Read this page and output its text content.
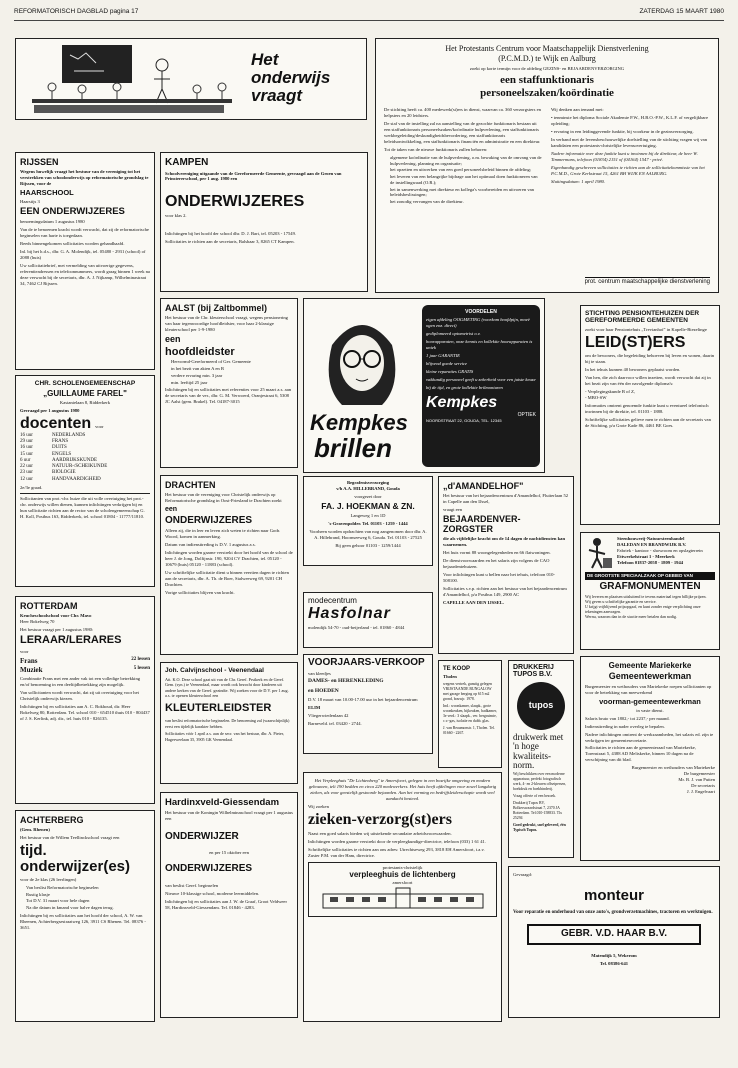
REFORMATORISCH DAGBLAD pagina 17	ZATERDAG 15 MAART 1980
Het onderwijs vraagt
Het Protestants Centrum voor Maatschappelijk Dienstverlening
(P.C.M.D.) te Wijk en Aalburg
zoekt op korte termijn voor de afdeling GEZINS- en BEJAARDENVERZORGING
een staffunktionaris
personeelszaken/koördinatie

De stichting heeft ca. 400 medewerk(st)ers in dienst, waarvan ca. 360 verzorgsters en helpsters en 20 leidsters.

De staf van de instelling zal na aanstelling van de gezochte funktionaris bestaan uit een staffunktionaris personeelszaken/koördinatie hulpverlening, een staffunktionaris werkbegeleiding/deskundigheidsbevordering, een staffunktionaris beleidsontwikkeling, een staffunktionaris financiën en administratie en een direkteur.

Tot de taken van de nieuwe funktionaris zullen behoren:

algemene koördinatie van de hulpverlening, o.m. bewaking van de omvang van de hulpverlening, planning en organisatie;

het opzetten en uitwerken van een goed personeelsbeleid binnen de afdeling;

het leveren van een belangrijke bijdrage aan het optimaal doen funktioneren van de instellingsraad (O.R.);

het in samenwerking met direkteur en kollega's voorbereiden en uitvoeren van beleidsbeslissingen;

het zonodig vervangen van de direkteur.

Wij denken aan iemand met:

• tenminste het diploma Sociale Akademie P.W., H.B.O.-P.W., K.L.F. of vergelijkbare opleiding;

• ervaring in een leidinggevende funktie, bij voorkeur in de gezinsverzorging.

In verband met de levensbeschouwelijke doelstelling van de stichting vragen wij van kandidaten een protestants-christelijke levensovertuiging.

Nadere informatie over deze funktie kunt u inwinnen bij de direkteur, de heer W. Timmermans, telefoon (01834) 2151 of (04164) 1547 - privé.

Eigenhandig geschreven sollicitaties te richten aan de sollicitatiekommissie van het P.C.M.D., Grote Kerkstraat 15, 4261 BH WIJK EN AALBURG.

Sluitingsdatum: 1 april 1980.

prot. centrum maatschappelijke dienstverlening
RIJSSEN

Wegens huwelijk vraagt het bestuur van de vereniging tot het verstrekken van schoolonderwijs op reformatorische grondslag te Rijssen, voor de

HAARSCHOOL
Haarstijs 3
EEN ONDERWIJZERES

benoemingsdatum 1 augustus 1980

Van de te benoemen kracht wordt verwacht, dat zij de reformatorische beginselen van harte is toegedaan.

Beeds binnengekomen sollicitaties worden gehandhaafd.

Inl. bij het h.d.s., dhr. G. A. Molendijk, tel. 05480 - 2931 (school) of 2088 (huis)

Uw sollicitatiebrief, met vermelding van uitvoerige gegevens, referentieadressen en telefoonnummers, wordt graag binnen 1 week na deze verwacht bij de secretaris, dhr. A. J. Nijkamp, Wilhelminastraat 34, 7462 CJ Rijssen.

KAMPEN

Schoolvereniging uitgaande van de Gereformeerde Gemeente, gevraagd aan de Groen van Prinstererschool, per 1 aug. 1980 een

ONDERWIJZERES
voor klas 2.

Inlichtingen bij het hoofd der school dhr. D. J. Bart, tel. 05203 - 17549.

Sollicitaties te richten aan de secretaris, Balsbaar 3, 8265 CT Kampen.

CHR. SCHOLENGEMEENSCHAP
„GUILLAUME FAREL"
Kastanielaan 8, Ridderkerk
Gevraagd per 1 augustus 1980
docenten voor
16 uur	NEDERLANDS
29 uur	FRANS
16 uur	DUITS
15 uur	ENGELS
6 uur	AARDRIJKSKUNDE
22 uur	NATUUR-/SCHEIKUNDE
23 uur	BIOLOGIE
12 uur	HANDVAARDIGHEID
2e/3e graad.

Sollicitanten van prot.-chr. huize die uit volle overtuiging het prot.-chr. onderwijs willen dienen, kunnen inlichtingen verkrijgen bij en hun sollicitatie richten aan de rector van de scholengemeenschap G. H. Koll, Postbus 163, Ridderkerk, tel. school 01804 - 11777/11810.

AALST (bij Zaltbommel)

Het bestuur van de Chr. kleuterschool vraagt, wegens pensionering van haar tegenwoordige hoofdleidster, voor haar 2-klassige kleuterschool per 1-9-1980

een
hoofdleidster

Hervormd-Gereformeerd of Ger. Gemeente

in het bezit van akten A en B

verdere ervaring min. 3 jaar

min. leeftijd 25 jaar

Inlichtingen bij en sollicitaties met referenties voor 25 maart a.s. aan de secretaris van de ver., dhr. G. M. Verwoerd, Oranjestraat 6, 5308 JC Aalst (gem. Brakel). Tel. 04187-3015

DRACHTEN

Het bestuur van de vereniging voor Christelijk onderwijs op Reformatorische grondslag in Oost-Friesland te Drachten zoekt

een
ONDERWIJZERES

Alleen zij, die in leer en leven zich weten te richten naar Gods Woord, komen in aanmerking.

Datum van indiensttreding is D.V. 1 augustus a.s.

Inlichtingen worden gaarne verstrekt door het hoofd van de school de heer J. de Jong, Dolfijnstr. 190, 9204 CV Drachten, tel. 05120 - 10679 (huis) 05120 - 11883 (school).

Uw schriftelijke sollicitatie dient u binnen veertien dagen te richten aan de secretaris, dhr. A. Th. de Boer, Stalweeweg 69, 9201 CH Drachten.

Vorige sollicitaties blijven van kracht.

Kempkes
brillen
VOORDELEN
eigen afdeling OOGMETING (voorkom hoofdpijn, moeë ogen enz. direct)
gediplomeerd optometrist o.v.
hoorapparaten, onze kennis en kollektie hoorapparaten is uniek
1 jaar GARANTIE
blijvend goede service
kleine reparaties GRATIS
vakkundig personeel geeft u zekerheid voor een juiste keuze
bij de tijd, en grote kollektie brilmonturen
Kempkes
OPTIEK
NOORDSTRAAT 22, GOUDA, TEL. 12345
Begrafenisverzorging
v/h A.A. HILLEBRAND, Gouda
voorgezet door
FA. J. HOEKMAN & ZN.
Langeweg 1 en 1D
's-Gravenpolder. Tel. 01103 - 1259 - 1444
Voorheen worden opdrachten van nog aangenomen door dhr. A. A. Hillebrand, Hoornseeweg 6, Gouda. Tel. 01103 - 27525
Bij geen gehoor 01103 - 1259/1444
„d'AMANDELHOF"

Het bestuur van het bejaardencentrum d'Amandelhof, Fluiterlaan 52 in Capelle aan den IJssel,

vraagt een

BEJAARDENVER-ZORGSTER

die als vijfdelijke kracht om de 14 dagen de nachtdiensten kan waarnemen.

Het huis vormt 88 woongelegenheden en 66 flatwoningen.

De dienstvoorwaarden en het salaris zijn volgens de CAO bejaardentehuizen.

Voor inlichtingen kunt u bellen naar het tehuis, telefoon 010-508100.

Sollicitaties s.v.p. richten aan het bestuur van het bejaardencentrum d'Amandelhof, p/a Postbus 149, 2900 AC

CAPELLE AAN DEN IJSSEL.

modecentrum
Hasfolnar
molendijk 54-70 - oud-beijerland - tel. 01860 - 4844
VOORJAARS-VERKOOP
van kleedjes
DAMES- en HERENKLEDING
en HOEDEN
D.V. 18 maart van 10.00-17.00 uur in het bejaardencentrum
ELIM
Vliegerwiedenlaan 42
Barneveld. tel. 03420 - 2744.
STICHTING PENSIONTEHUIZEN DER GEREFORMEERDE GEMEENTEN

zoekt voor haar Pensiontehuis „Trevianhof" in Kapelle-Biezelinge

LEID(ST)ERS

om de bewoners, die begeleiding behoeven bij leven en wonen, daarin bij te staan.

In het tehuis kunnen 40 bewoners geplaatst worden.

Van hen, die zich daarvoor willen inzetten, wordt verwacht dat zij in het bezit zijn van één der navolgende diploma's:

- Verplegingskunde B of Z,

- MBO-SW

Informaties omtrent genoemde funktie kunt u eventueel telefonisch inwinnen bij de direktie, tel. 01103 - 1888.

Schriftelijke sollicitaties gelieve men te richten aan de secretaris van de Stichting, p/a Grote Kade 86, 4461 BE Goes.

Steenhouwerij-Natuursteenhandel
DALEDAN EN BRANDWIJK B.V.
Fabriek - kantoor - showroom en opslagterrein
Ettwerkelstraat 1 - Meerkerk
Telefoon 01837-2058 - 1809 - 1944
DE GROOTSTE SPECIAALZAAK OP GEBIED VAN
GRAFMONUMENTEN

Wij leveren en plaatsen uitsluitend te tevens materiaal tegen billijke prijzen.

Wij geven u schriftelijke garantie en service.

U krijgt vrijblijvend prijsopgaaf, en kunt zonder enige verplichting onze tekeningen aanvragen.

Wernu, waarom dan in de stuctie meer betalen dan nodig.

ROTTERDAM
Keucheschoolschool voor Chr. Mavo
Heer Bokelweg 70

Het bestuur vraagt per 1 augustus 1980:

LERAAR/LERARES
voor
Frans	22 lessen
Muziek	5 lessen

Combinatie Frans met een ander vak tot een volledige betrekking en/of benoeming in een deeltijdbetrekking zijn mogelijk.

Van sollicitanten wordt verwacht, dat zij uit overtuiging voor het Christelijk onderwijs kiezen.

Inlichtingen bij en sollicitaties aan A. C. Bokhoud, dir. Heer Bokelweg 80, Rotterdam. Tel. school 010 - 654510 thuis 010 - 804437 of J. S. Kerlink, adj. dir., tel. huis 010 - 826135.

Joh. Calvijnschool - Veenendaal

Att. K.O. Deze school gaat uit van de Chr. Geref. Prstkerk en de Geref. Gem. (syn.) te Veenendaal, maar wordt ook bezocht door kinderen uit andere kerken van de Geref. gezindte. Wij zoeken voor de D.V. per 1 aug. a.s. te openen kleuterschool een

KLEUTERLEIDSTER

van beslist reformatorische beginselen. De benoeming zal (waarschijnlijk) eerst een tijdelijk karakter hebben.

Sollicitaties vóór 1 april a.s. aan de secr. van het bestuur, dhr. A. Pieter, Hagerweelaan 35, 3905 GK Veenendaal.

TE KOOP
Tholen

wegens vertrek, gunstig gelegen VRIJSTAANDE BUNGALOW met garage berging op 615 m2 grond, bouwjr. 1978.

Ind.: woonkamer, slaapk., grote woonkeuken, bijkeuken, badkamer, 3e verd.: 3 slaapk., ver. bergruimte, c.v.-gas, isolatie en dubb. glas.

J. van Beaumonstr. 1, Tholen. Tel. 01660 - 2267.

DRUKKERIJ TUPOS B.V.
tupos
drukwerk met 'n hoge kwaliteits-norm.

Wij beschikken over een moderne apparatuur, perfekt fotografisch werk, 4- en 2-kleuren offsetpersen, boekdruk en boekbinderij.

Vraag offerte of een bezoek.

Drukkerij Tupos BV, Bolkerswaardstraat 7, 2370 JA Rotterdam. Tel.010-158833. Tlx 25294

Goed gedrukt, snel geleverd, één Typisch Tupos.

Gemeente Mariekerke
Gemeentewerkman

Burgemeester en wethouders van Mariekerke roepen sollicitanten op voor de betrekking van meewerkend

voorman-gemeentewerkman

in vaste dienst.

Salaris bruto van 1802,- tot 2237,- per maand.

Indiensttreding in nader overleg te bepalen.

Nadere inlichtingen omtrent de werkzaamheden, het salaris ed. zijn te verkrijgen ter gemeentesecretarie.

Sollicitaties te richten aan de gemeenteraad van Mariekerke, Torenstraat 5, 4388 AD Meliskerke, binnen 10 dagen na de verschijning van dit blad.

Burgemeester en wethouders van Mariekerke
De burgemeester
Mr. B. J. van Putten
De secretaris
J. J. Engelvaart
ACHTERBERG
(Gem. Rhenen)

Het bestuur van de Willem Teellinckschool vraagt een

tijd. onderwijzer(es)

voor de 2e klas (26 leerlingen)

Van beslist Reformatorische beginselen

Rustig klasje

Tot D.V. 31 maart voor hele dagen

Na die datum in kmand voor halve dagen terug.

Inlichtingen bij en sollicitaties aan het hoofd der school, A. W. van Rheenen, Achterbergsestraatweg 126, 3911 CS Rhenen. Tel. 08376 - 3651.

Hardinxveld-Giessendam

Het bestuur van de Koningin Wilhelminaschool vraagt per 1 augustus een

ONDERWIJZER

en per 15 oktober een

ONDERWIJZERES

van beslist Geref. beginselen

Nieuwe 10-klassige school, moderne leermiddelen.

Inlichtingen bij en sollicitaties aan J. W. de Graaf, Groot Veldweer 58, Hardinxveld-Giessendam. Tel. 01846 - 4283.

Het Verpleeghuis "De Lichtenberg" te Amersfoort, gelegen in een bosrijke omgeving en modern gebouwen, telt 190 bedden en circa 220 medewerkers. Het huis heeft afdelingen voor zowel langdurig zieken, als voor geestelijk gestoorde bejaarden. Aan het vorming en bedrijfsleiderschapie wordt veel aandacht besteed.

Wij zoeken

zieken-verzorg(st)ers

Naast een goed salaris bieden wij uitstekende secundaire arbeidsvoorwaarden.

Inlichtingen worden gaarne verstrekt door de verpleegkundige-directrice, telefoon (033) 1 61 41.

Schriftelijke sollicitaties te richten aan ons adres: Utrechtseweg 293, 3818 EH Amersfoort, t.a.v. Zuster P.M. van der Ham, directrice.

protestants-christelijk
verpleeghuis de lichtenberg
amersfoort
Gevraagd:
monteur

Voor reparatie en onderhoud van onze auto's, grondverzetmachines, tractoren en werktuigen.

GEBR. V.D. HAAR B.V.
Matendijk 5, Wekerom
Tel. 08386-641
